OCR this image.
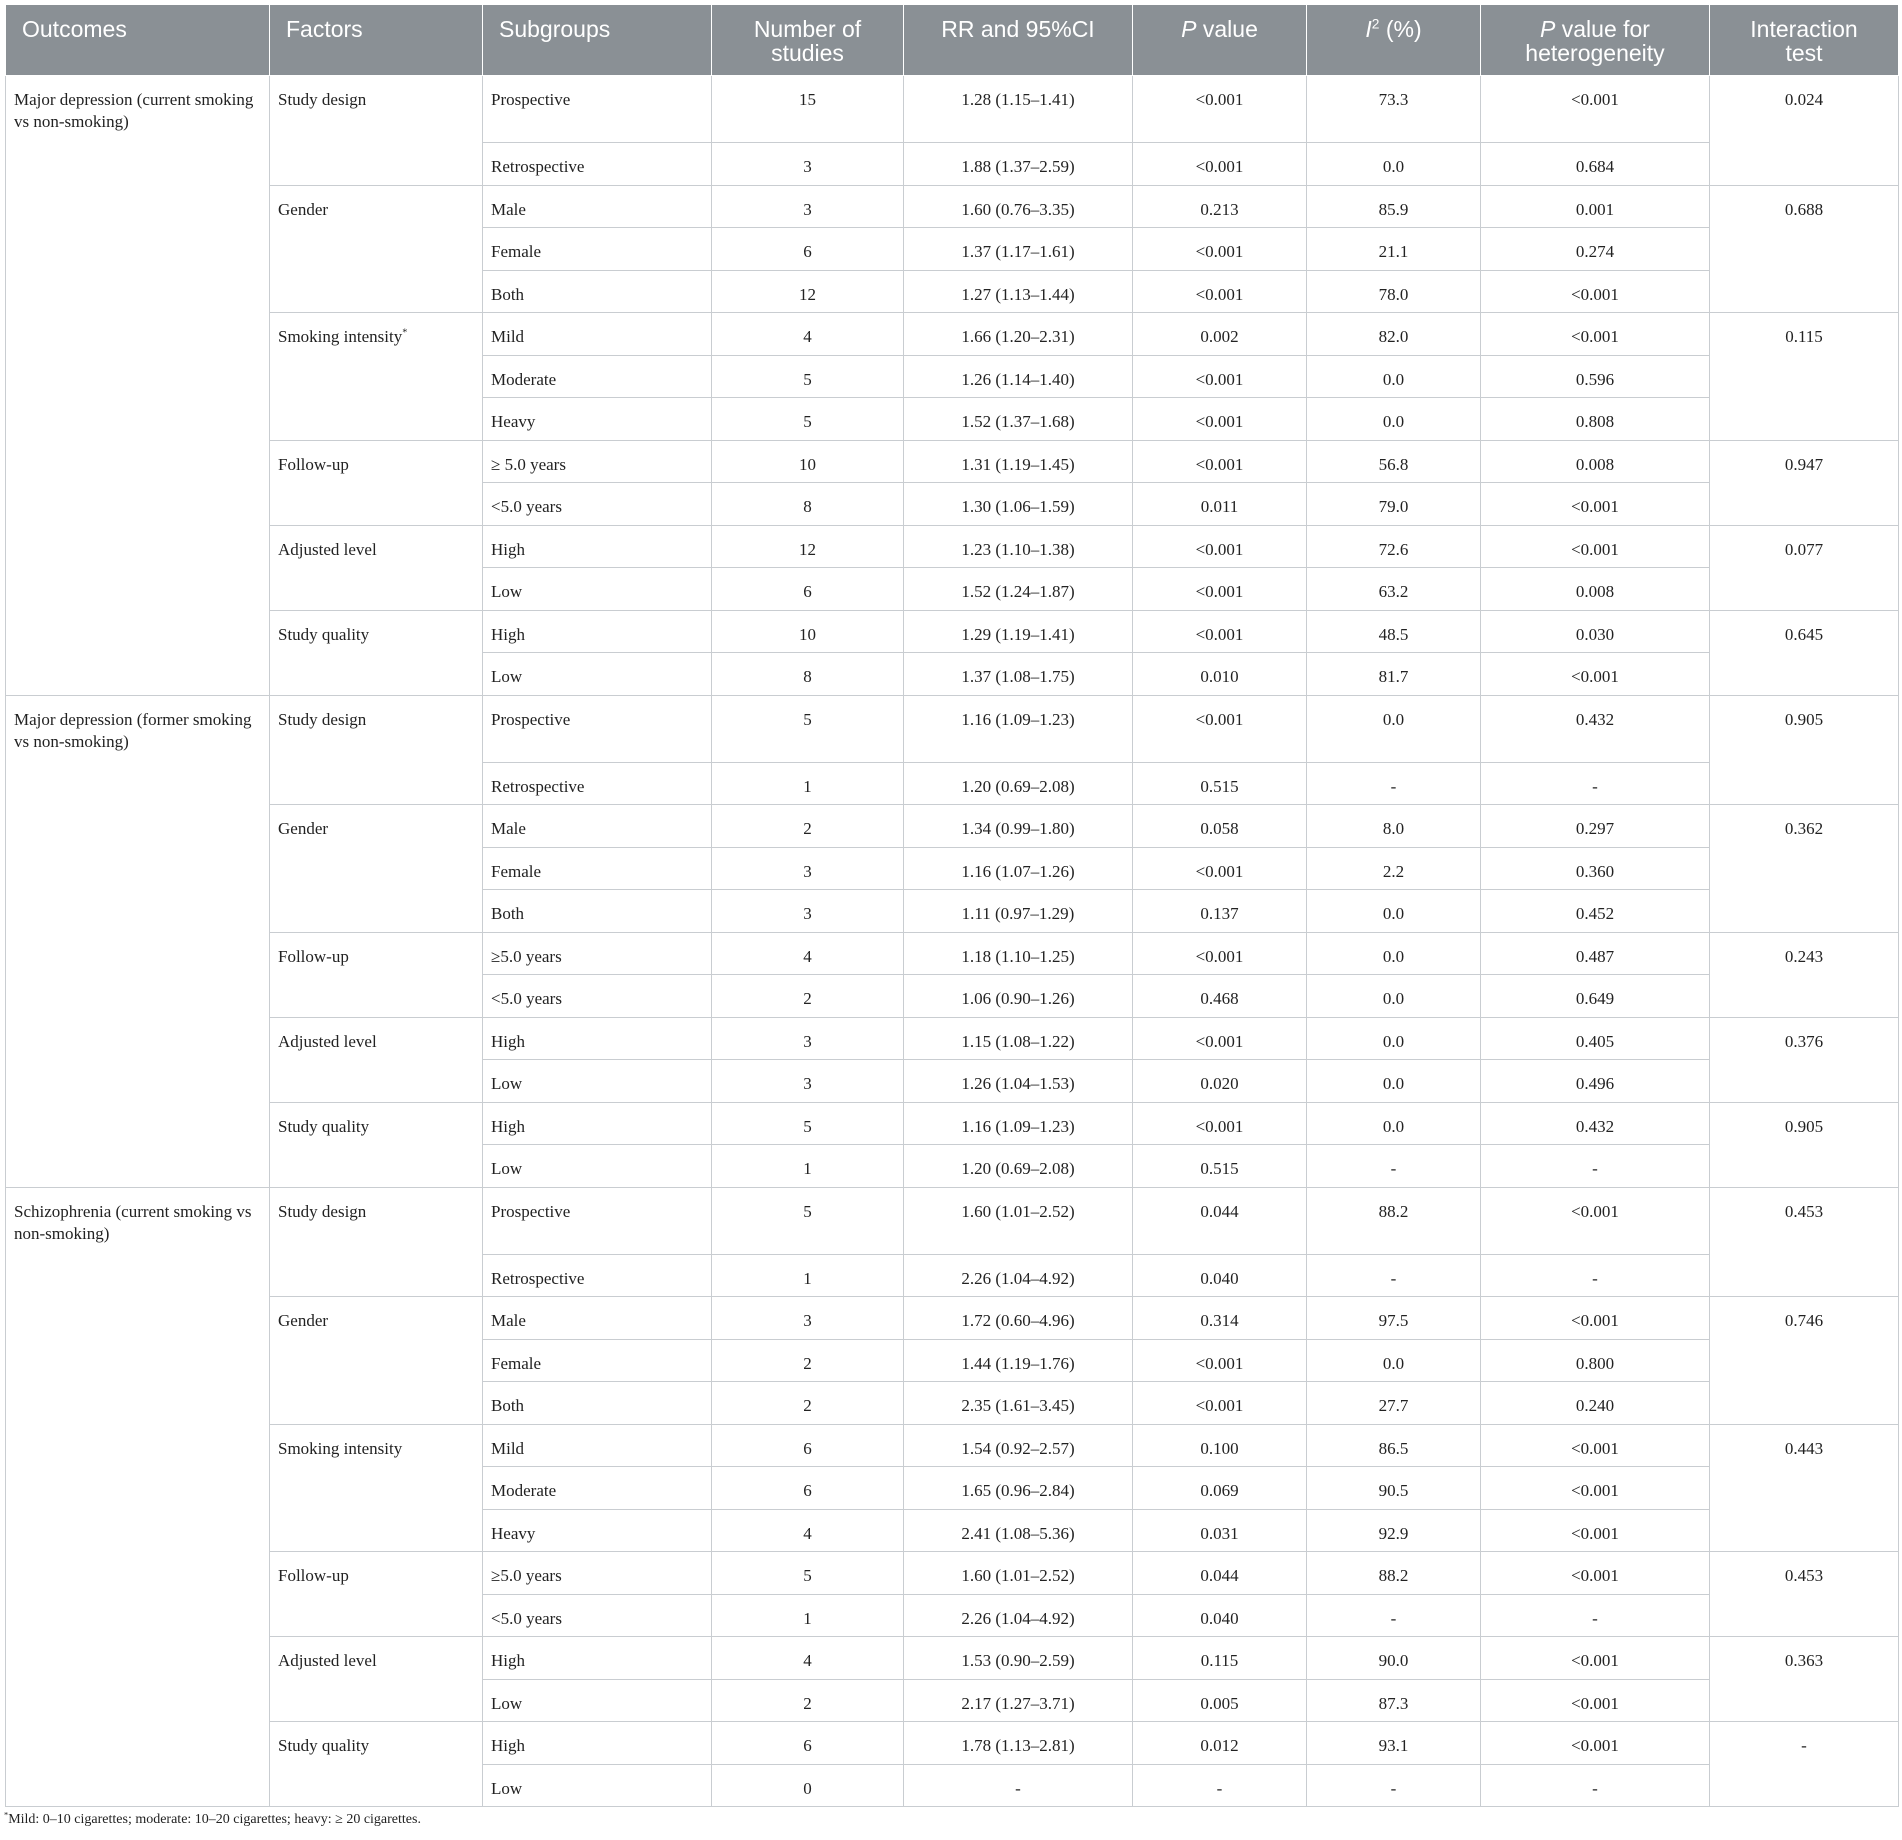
Outcomes	Factors	Subgroups	Number of
studies	RR and 95%CI	P value	$I^2$ (%)	P value for
heterogeneity	Interaction
test
Major depression (current smoking vs non-smoking)	Study design	Prospective	15	1.28 (1.15–1.41)	<0.001	73.3	<0.001	0.024
		Retrospective	3	1.88 (1.37–2.59)	<0.001	0.0	0.684	
	Gender	Male	3	1.60 (0.76–3.35)	0.213	85.9	0.001	0.688
		Female	6	1.37 (1.17–1.61)	<0.001	21.1	0.274	
		Both	12	1.27 (1.13–1.44)	<0.001	78.0	<0.001	
	Smoking intensity*	Mild	4	1.66 (1.20–2.31)	0.002	82.0	<0.001	0.115
		Moderate	5	1.26 (1.14–1.40)	<0.001	0.0	0.596	
		Heavy	5	1.52 (1.37–1.68)	<0.001	0.0	0.808	
	Follow-up	≥ 5.0 years	10	1.31 (1.19–1.45)	<0.001	56.8	0.008	0.947
		<5.0 years	8	1.30 (1.06–1.59)	0.011	79.0	<0.001	
	Adjusted level	High	12	1.23 (1.10–1.38)	<0.001	72.6	<0.001	0.077
		Low	6	1.52 (1.24–1.87)	<0.001	63.2	0.008	
	Study quality	High	10	1.29 (1.19–1.41)	<0.001	48.5	0.030	0.645
		Low	8	1.37 (1.08–1.75)	0.010	81.7	<0.001	
Major depression (former smoking vs non-smoking)	Study design	Prospective	5	1.16 (1.09–1.23)	<0.001	0.0	0.432	0.905
		Retrospective	1	1.20 (0.69–2.08)	0.515	-	-	
	Gender	Male	2	1.34 (0.99–1.80)	0.058	8.0	0.297	0.362
		Female	3	1.16 (1.07–1.26)	<0.001	2.2	0.360	
		Both	3	1.11 (0.97–1.29)	0.137	0.0	0.452	
	Follow-up	≥5.0 years	4	1.18 (1.10–1.25)	<0.001	0.0	0.487	0.243
		<5.0 years	2	1.06 (0.90–1.26)	0.468	0.0	0.649	
	Adjusted level	High	3	1.15 (1.08–1.22)	<0.001	0.0	0.405	0.376
		Low	3	1.26 (1.04–1.53)	0.020	0.0	0.496	
	Study quality	High	5	1.16 (1.09–1.23)	<0.001	0.0	0.432	0.905
		Low	1	1.20 (0.69–2.08)	0.515	-	-	
Schizophrenia (current smoking vs non-smoking)	Study design	Prospective	5	1.60 (1.01–2.52)	0.044	88.2	<0.001	0.453
		Retrospective	1	2.26 (1.04–4.92)	0.040	-	-	
	Gender	Male	3	1.72 (0.60–4.96)	0.314	97.5	<0.001	0.746
		Female	2	1.44 (1.19–1.76)	<0.001	0.0	0.800	
		Both	2	2.35 (1.61–3.45)	<0.001	27.7	0.240	
	Smoking intensity	Mild	6	1.54 (0.92–2.57)	0.100	86.5	<0.001	0.443
		Moderate	6	1.65 (0.96–2.84)	0.069	90.5	<0.001	
		Heavy	4	2.41 (1.08–5.36)	0.031	92.9	<0.001	
	Follow-up	≥5.0 years	5	1.60 (1.01–2.52)	0.044	88.2	<0.001	0.453
		<5.0 years	1	2.26 (1.04–4.92)	0.040	-	-	
	Adjusted level	High	4	1.53 (0.90–2.59)	0.115	90.0	<0.001	0.363
		Low	2	2.17 (1.27–3.71)	0.005	87.3	<0.001	
	Study quality	High	6	1.78 (1.13–2.81)	0.012	93.1	<0.001	-
		Low	0	-	-	-	-	
*Mild: 0–10 cigarettes; moderate: 10–20 cigarettes; heavy: ≥ 20 cigarettes.
